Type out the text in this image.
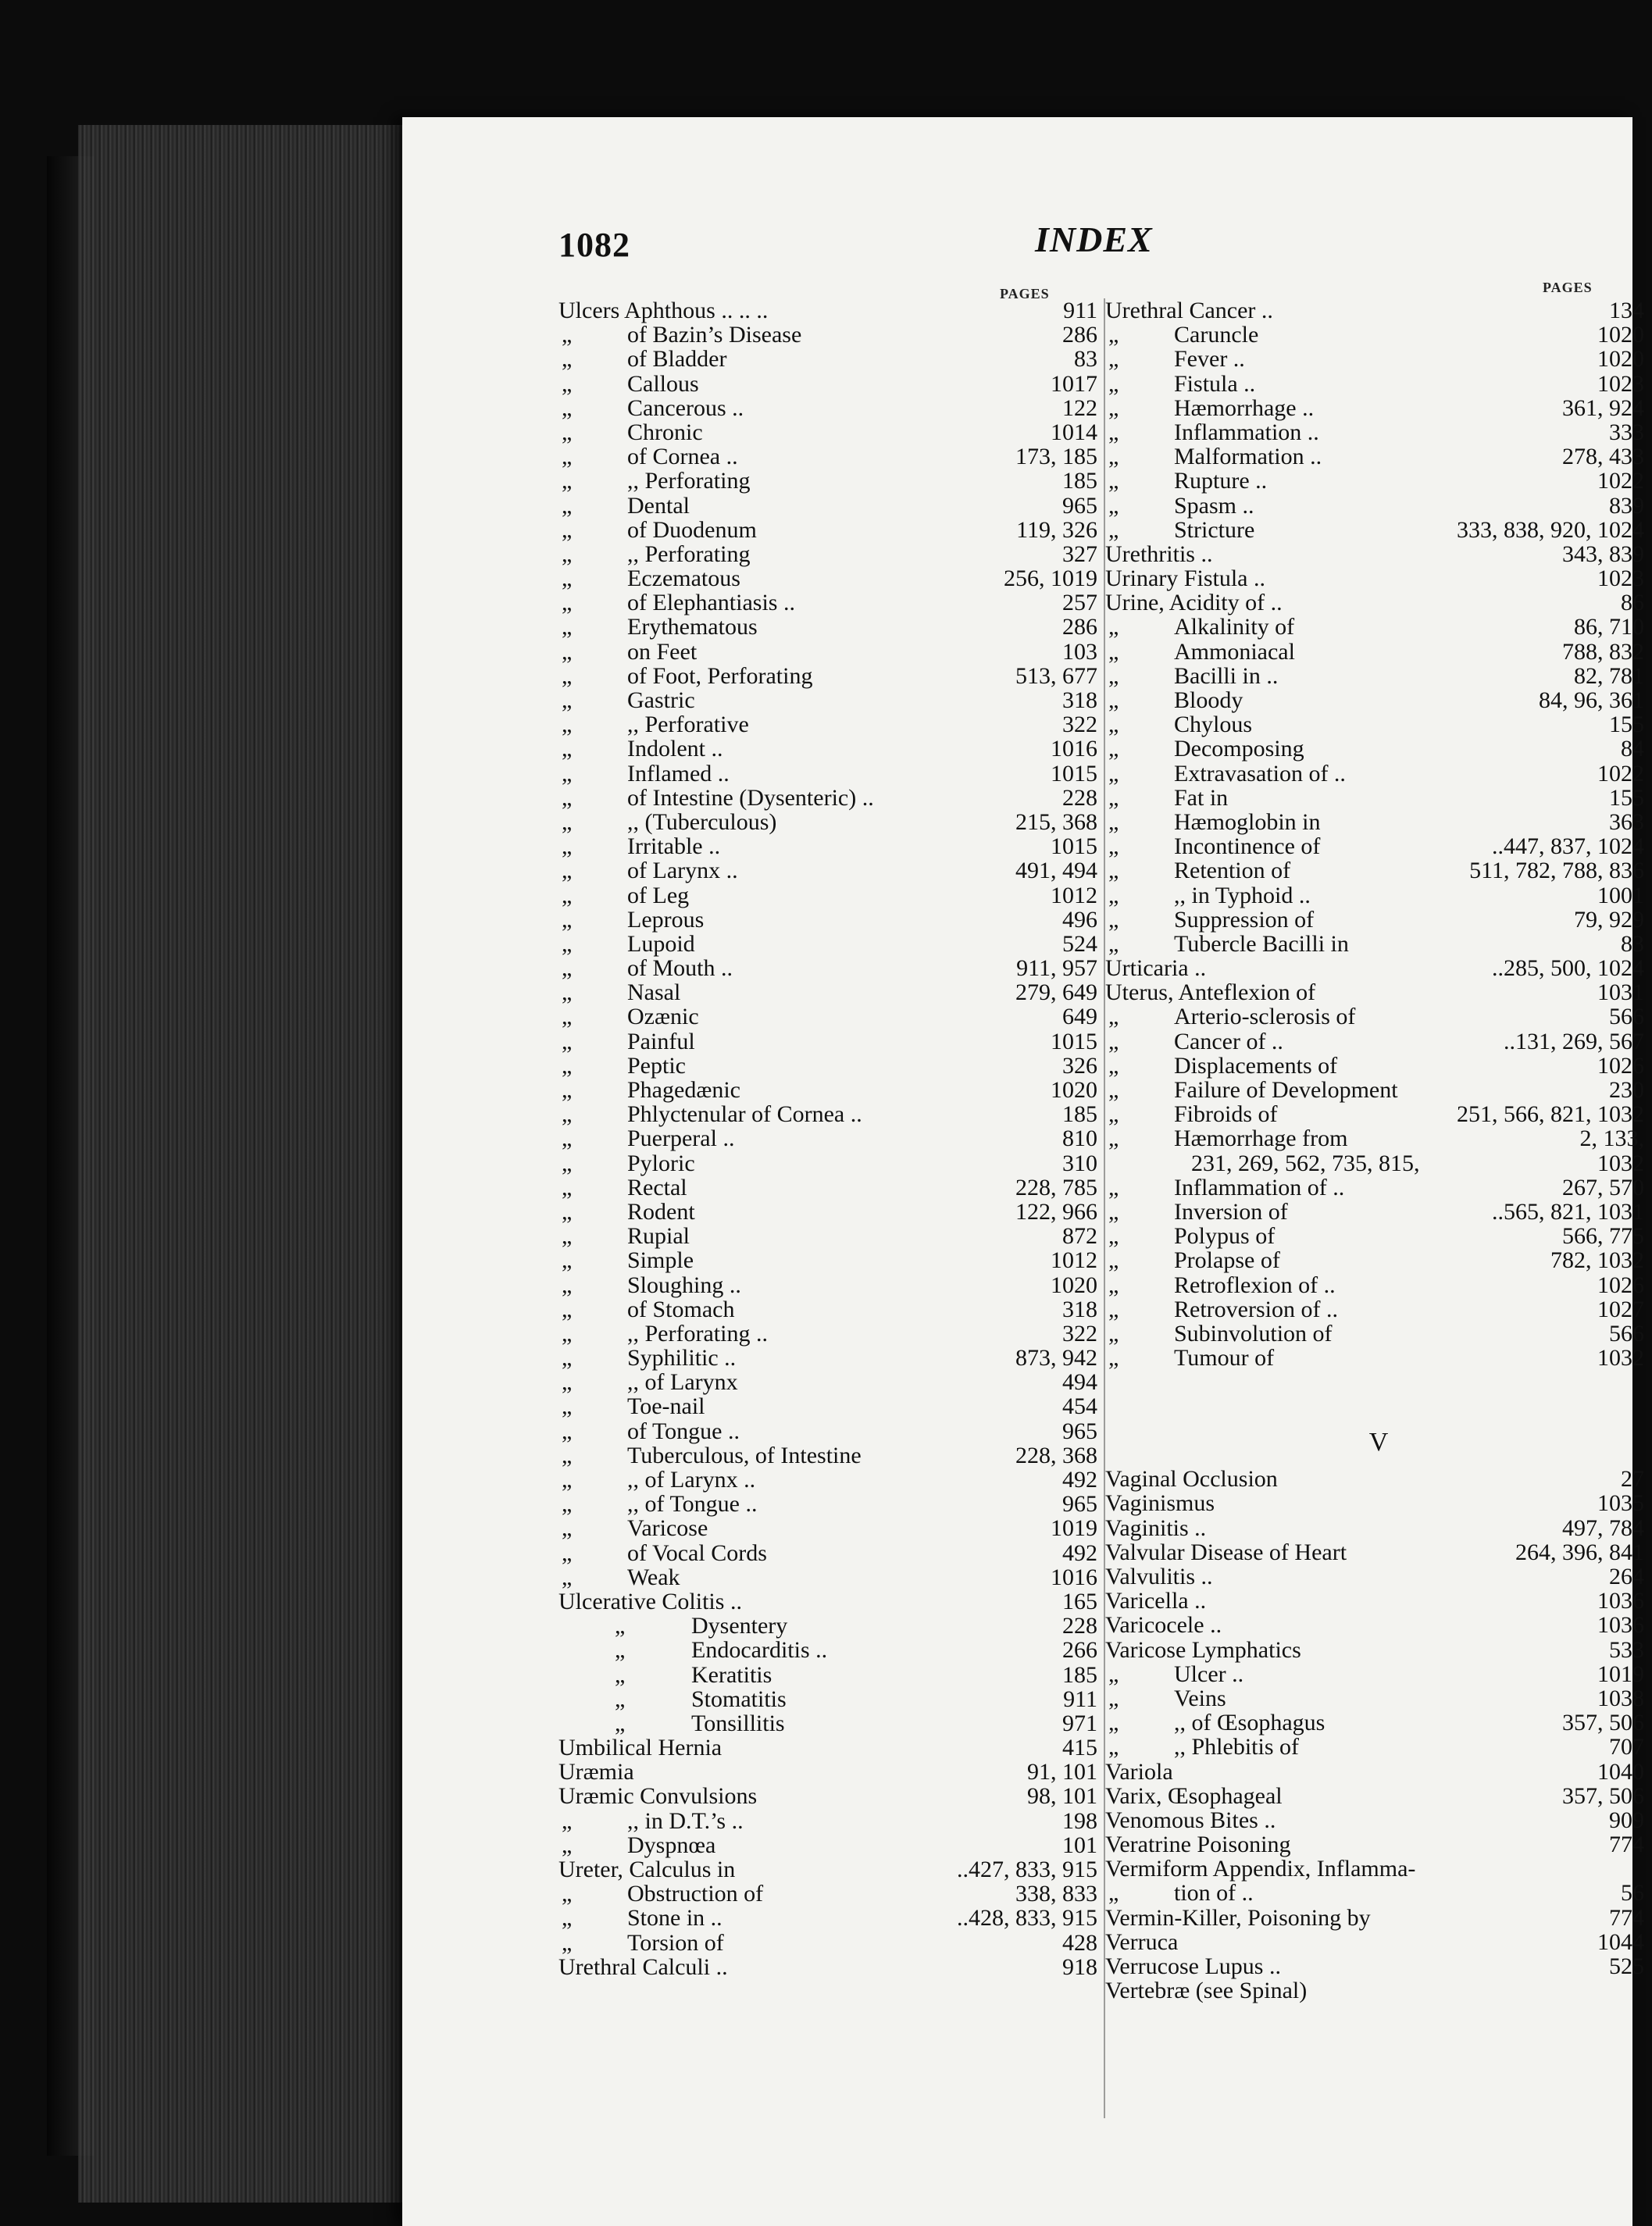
1082	INDEX
PAGES	PAGES
Ulcers Aphthous .. .. ..	911
„ of Bazin’s Disease	286
„ of Bladder	83
„ Callous	1017
„ Cancerous ..	122
„ Chronic	1014
„ of Cornea ..	173, 185
„ ,, Perforating	185
„ Dental	965
„ of Duodenum	119, 326
„ ,, Perforating	327
„ Eczematous	256, 1019
„ of Elephantiasis ..	257
„ Erythematous	286
„ on Feet	103
„ of Foot, Perforating	513, 677
„ Gastric	318
„ ,, Perforative	322
„ Indolent ..	1016
„ Inflamed ..	1015
„ of Intestine (Dysenteric) ..	228
„ ,, (Tuberculous)	215, 368
„ Irritable ..	1015
„ of Larynx ..	491, 494
„ of Leg	1012
„ Leprous	496
„ Lupoid	524
„ of Mouth ..	911, 957
„ Nasal	279, 649
„ Ozænic	649
„ Painful	1015
„ Peptic	326
„ Phagedænic	1020
„ Phlyctenular of Cornea ..	185
„ Puerperal ..	810
„ Pyloric	310
„ Rectal	228, 785
„ Rodent	122, 966
„ Rupial	872
„ Simple	1012
„ Sloughing ..	1020
„ of Stomach	318
„ ,, Perforating ..	322
„ Syphilitic ..	873, 942
„ ,, of Larynx	494
„ Toe-nail	454
„ of Tongue ..	965
„ Tuberculous, of Intestine	228, 368
„ ,, of Larynx ..	492
„ ,, of Tongue ..	965
„ Varicose	1019
„ of Vocal Cords	492
„ Weak	1016
Ulcerative Colitis ..	165
„	Dysentery	228
„	Endocarditis ..	266
„	Keratitis	185
„	Stomatitis	911
„	Tonsillitis	971
Umbilical Hernia	415
Uræmia	91, 101
Uræmic Convulsions	98, 101
„ ,, in D.T.’s ..	198
„ Dyspnœa	101
Ureter, Calculus in	..427, 833, 915
„ Obstruction of	338, 833
„ Stone in ..	..428, 833, 915
„ Torsion of	428
Urethral Calculi ..	918
Urethral Cancer ..	134
„ Caruncle	1020
„ Fever ..	1020
„ Fistula ..	1023
„ Hæmorrhage ..	361, 924
„ Inflammation ..	333
„ Malformation ..	278, 433
„ Rupture ..	1022
„ Spasm ..	839
„ Stricture	333, 838, 920, 1024
Urethritis ..	343, 839
Urinary Fistula ..	1023
Urine, Acidity of ..	86
„ Alkalinity of	86, 710
„ Ammoniacal	788, 832
„ Bacilli in ..	82, 781
„ Bloody	84, 96, 361
„ Chylous	155
„ Decomposing	84
„ Extravasation of ..	1022
„ Fat in	155
„ Hæmoglobin in	363
„ Incontinence of	..447, 837, 1024
„ Retention of	511, 782, 788, 836
„ ,, in Typhoid ..	1001
„ Suppression of	79, 929
„ Tubercle Bacilli in	83
Urticaria ..	..285, 500, 1024
Uterus, Anteflexion of	1031
„ Arterio-sclerosis of	566
„ Cancer of ..	..131, 269, 567
„ Displacements of	1026
„ Failure of Development	230
„ Fibroids of	251, 566, 821, 1032
„ Hæmorrhage from	2, 133,
231, 269, 562, 735, 815,	1032
„ Inflammation of ..	267, 570
„ Inversion of	..565, 821, 1031
„ Polypus of	566, 775
„ Prolapse of	782, 1032
„ Retroflexion of ..	1026
„ Retroversion of ..	1027
„ Subinvolution of	566
„ Tumour of	1032
V
Vaginal Occlusion	27
Vaginismus	1035
Vaginitis ..	497, 784
Valvular Disease of Heart	264, 396, 841
Valvulitis ..	264
Varicella ..	1036
Varicocele ..	1036
Varicose Lymphatics	533
„ Ulcer ..	1019
„ Veins	1038
„ ,, of Œsophagus	357, 506
„ ,, Phlebitis of	707
Variola	1040
Varix, Œsophageal	357, 506
Venomous Bites ..	909
Veratrine Poisoning	774
Vermiform Appendix, Inflamma-
„ tion of ..	56
Vermin-Killer, Poisoning by	774
Verruca	1044
Verrucose Lupus ..	525
Vertebræ (see Spinal)
